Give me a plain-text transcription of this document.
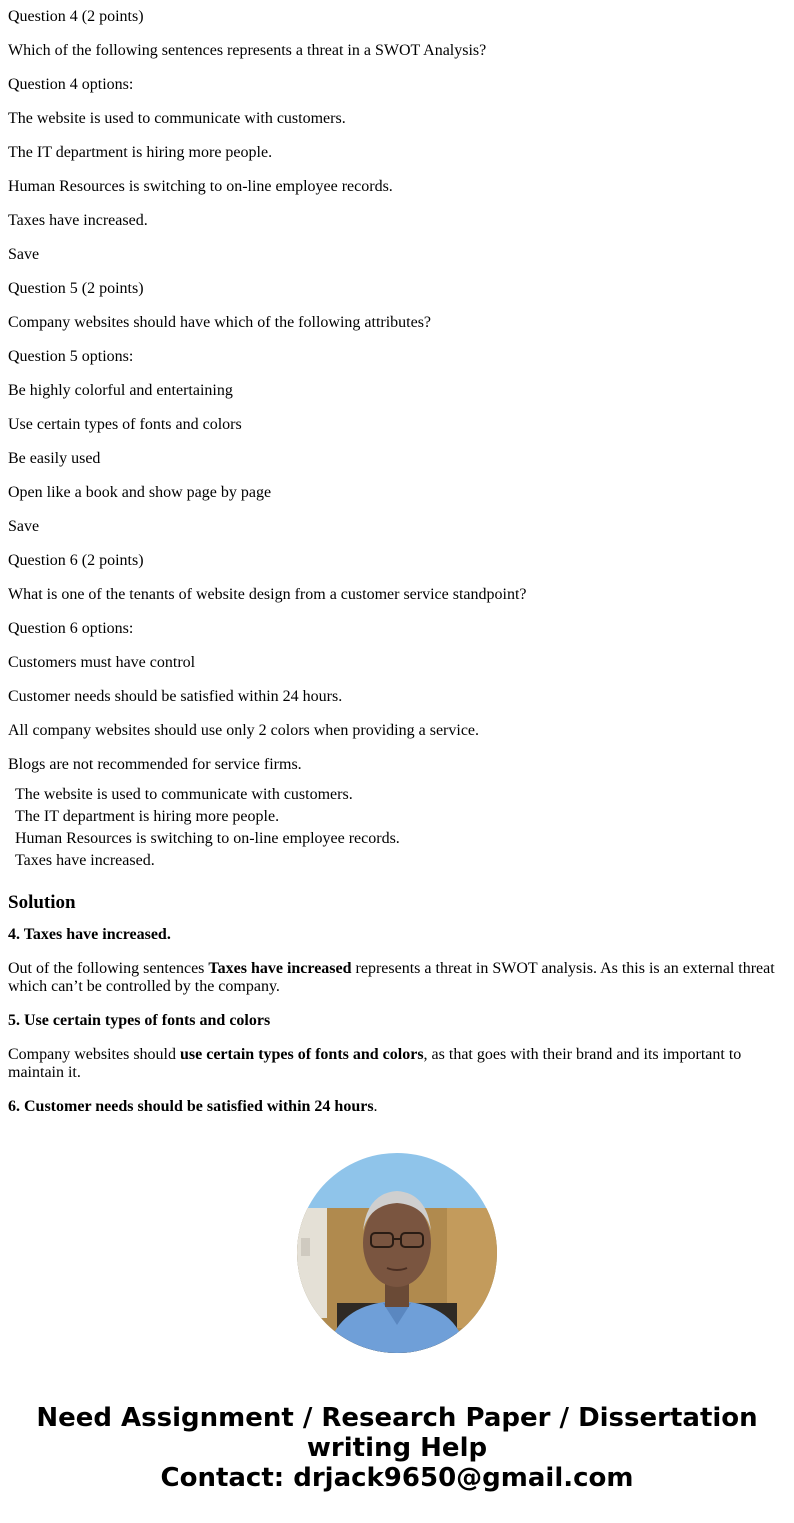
Question 4 (2 points)

Which of the following sentences represents a threat in a SWOT Analysis?

Question 4 options:

The website is used to communicate with customers.

The IT department is hiring more people.

Human Resources is switching to on-line employee records.

Taxes have increased.

Save

Question 5 (2 points)

Company websites should have which of the following attributes?

Question 5 options:

Be highly colorful and entertaining

Use certain types of fonts and colors

Be easily used

Open like a book and show page by page

Save

Question 6 (2 points)

What is one of the tenants of website design from a customer service standpoint?

Question 6 options:

Customers must have control

Customer needs should be satisfied within 24 hours.

All company websites should use only 2 colors when providing a service.

Blogs are not recommended for service firms.

The website is used to communicate with customers.
The IT department is hiring more people.
Human Resources is switching to on-line employee records.
Taxes have increased.
Solution

4. Taxes have increased.

Out of the following sentences Taxes have increased represents a threat in SWOT analysis. As this is an external threat which can’t be controlled by the company.

5. Use certain types of fonts and colors

Company websites should use certain types of fonts and colors, as that goes with their brand and its important to maintain it.

6. Customer needs should be satisfied within 24 hours.

Need Assignment / Research Paper / Dissertation
writing Help
Contact: drjack9650@gmail.com
